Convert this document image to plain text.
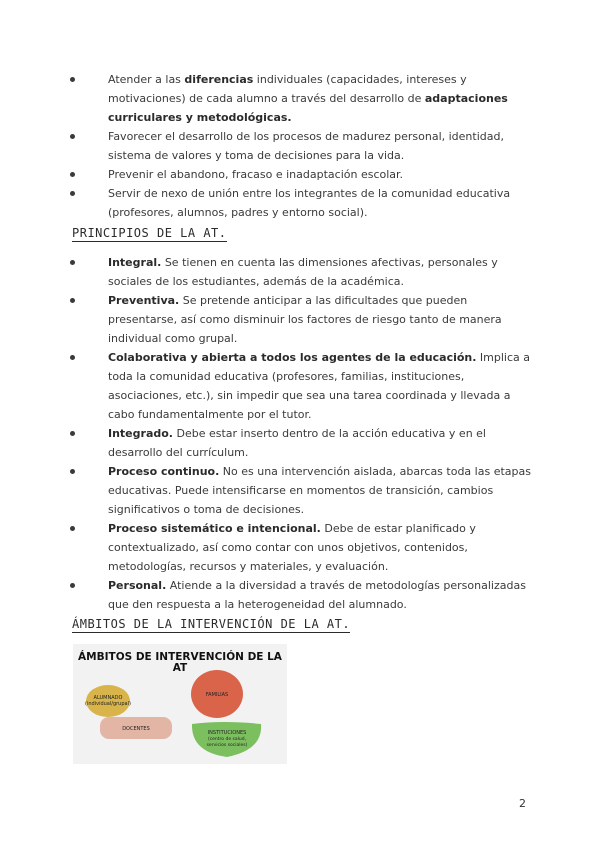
Atender a las diferencias individuales (capacidades, intereses y motivaciones) de cada alumno a través del desarrollo de adaptaciones curriculares y metodológicas.
Favorecer el desarrollo de los procesos de madurez personal, identidad, sistema de valores y toma de decisiones para la vida.
Prevenir el abandono, fracaso e inadaptación escolar.
Servir de nexo de unión entre los integrantes de la comunidad educativa (profesores, alumnos, padres y entorno social).
PRINCIPIOS DE LA AT.
Integral. Se tienen en cuenta las dimensiones afectivas, personales y sociales de los estudiantes, además de la académica.
Preventiva. Se pretende anticipar a las dificultades que pueden presentarse, así como disminuir los factores de riesgo tanto de manera individual como grupal.
Colaborativa y abierta a todos los agentes de la educación. Implica a toda la comunidad educativa (profesores, familias, instituciones, asociaciones, etc.), sin impedir que sea una tarea coordinada y llevada a cabo fundamentalmente por el tutor.
Integrado. Debe estar inserto dentro de la acción educativa y en el desarrollo del currículum.
Proceso continuo. No es una intervención aislada, abarcas toda las etapas educativas. Puede intensificarse en momentos de transición, cambios significativos o toma de decisiones.
Proceso sistemático e intencional. Debe de estar planificado y contextualizado, así como contar con unos objetivos, contenidos, metodologías, recursos y materiales, y evaluación.
Personal. Atiende a la diversidad a través de metodologías personalizadas que den respuesta a la heterogeneidad del alumnado.
ÁMBITOS DE LA INTERVENCIÓN DE LA AT.
ÁMBITOS DE INTERVENCIÓN DE LA
AT
ALUMNADO
(individual/grupal)
FAMILIAS
DOCENTES
INSTITUCIONES
(centro de salud,
servicios sociales)
2
